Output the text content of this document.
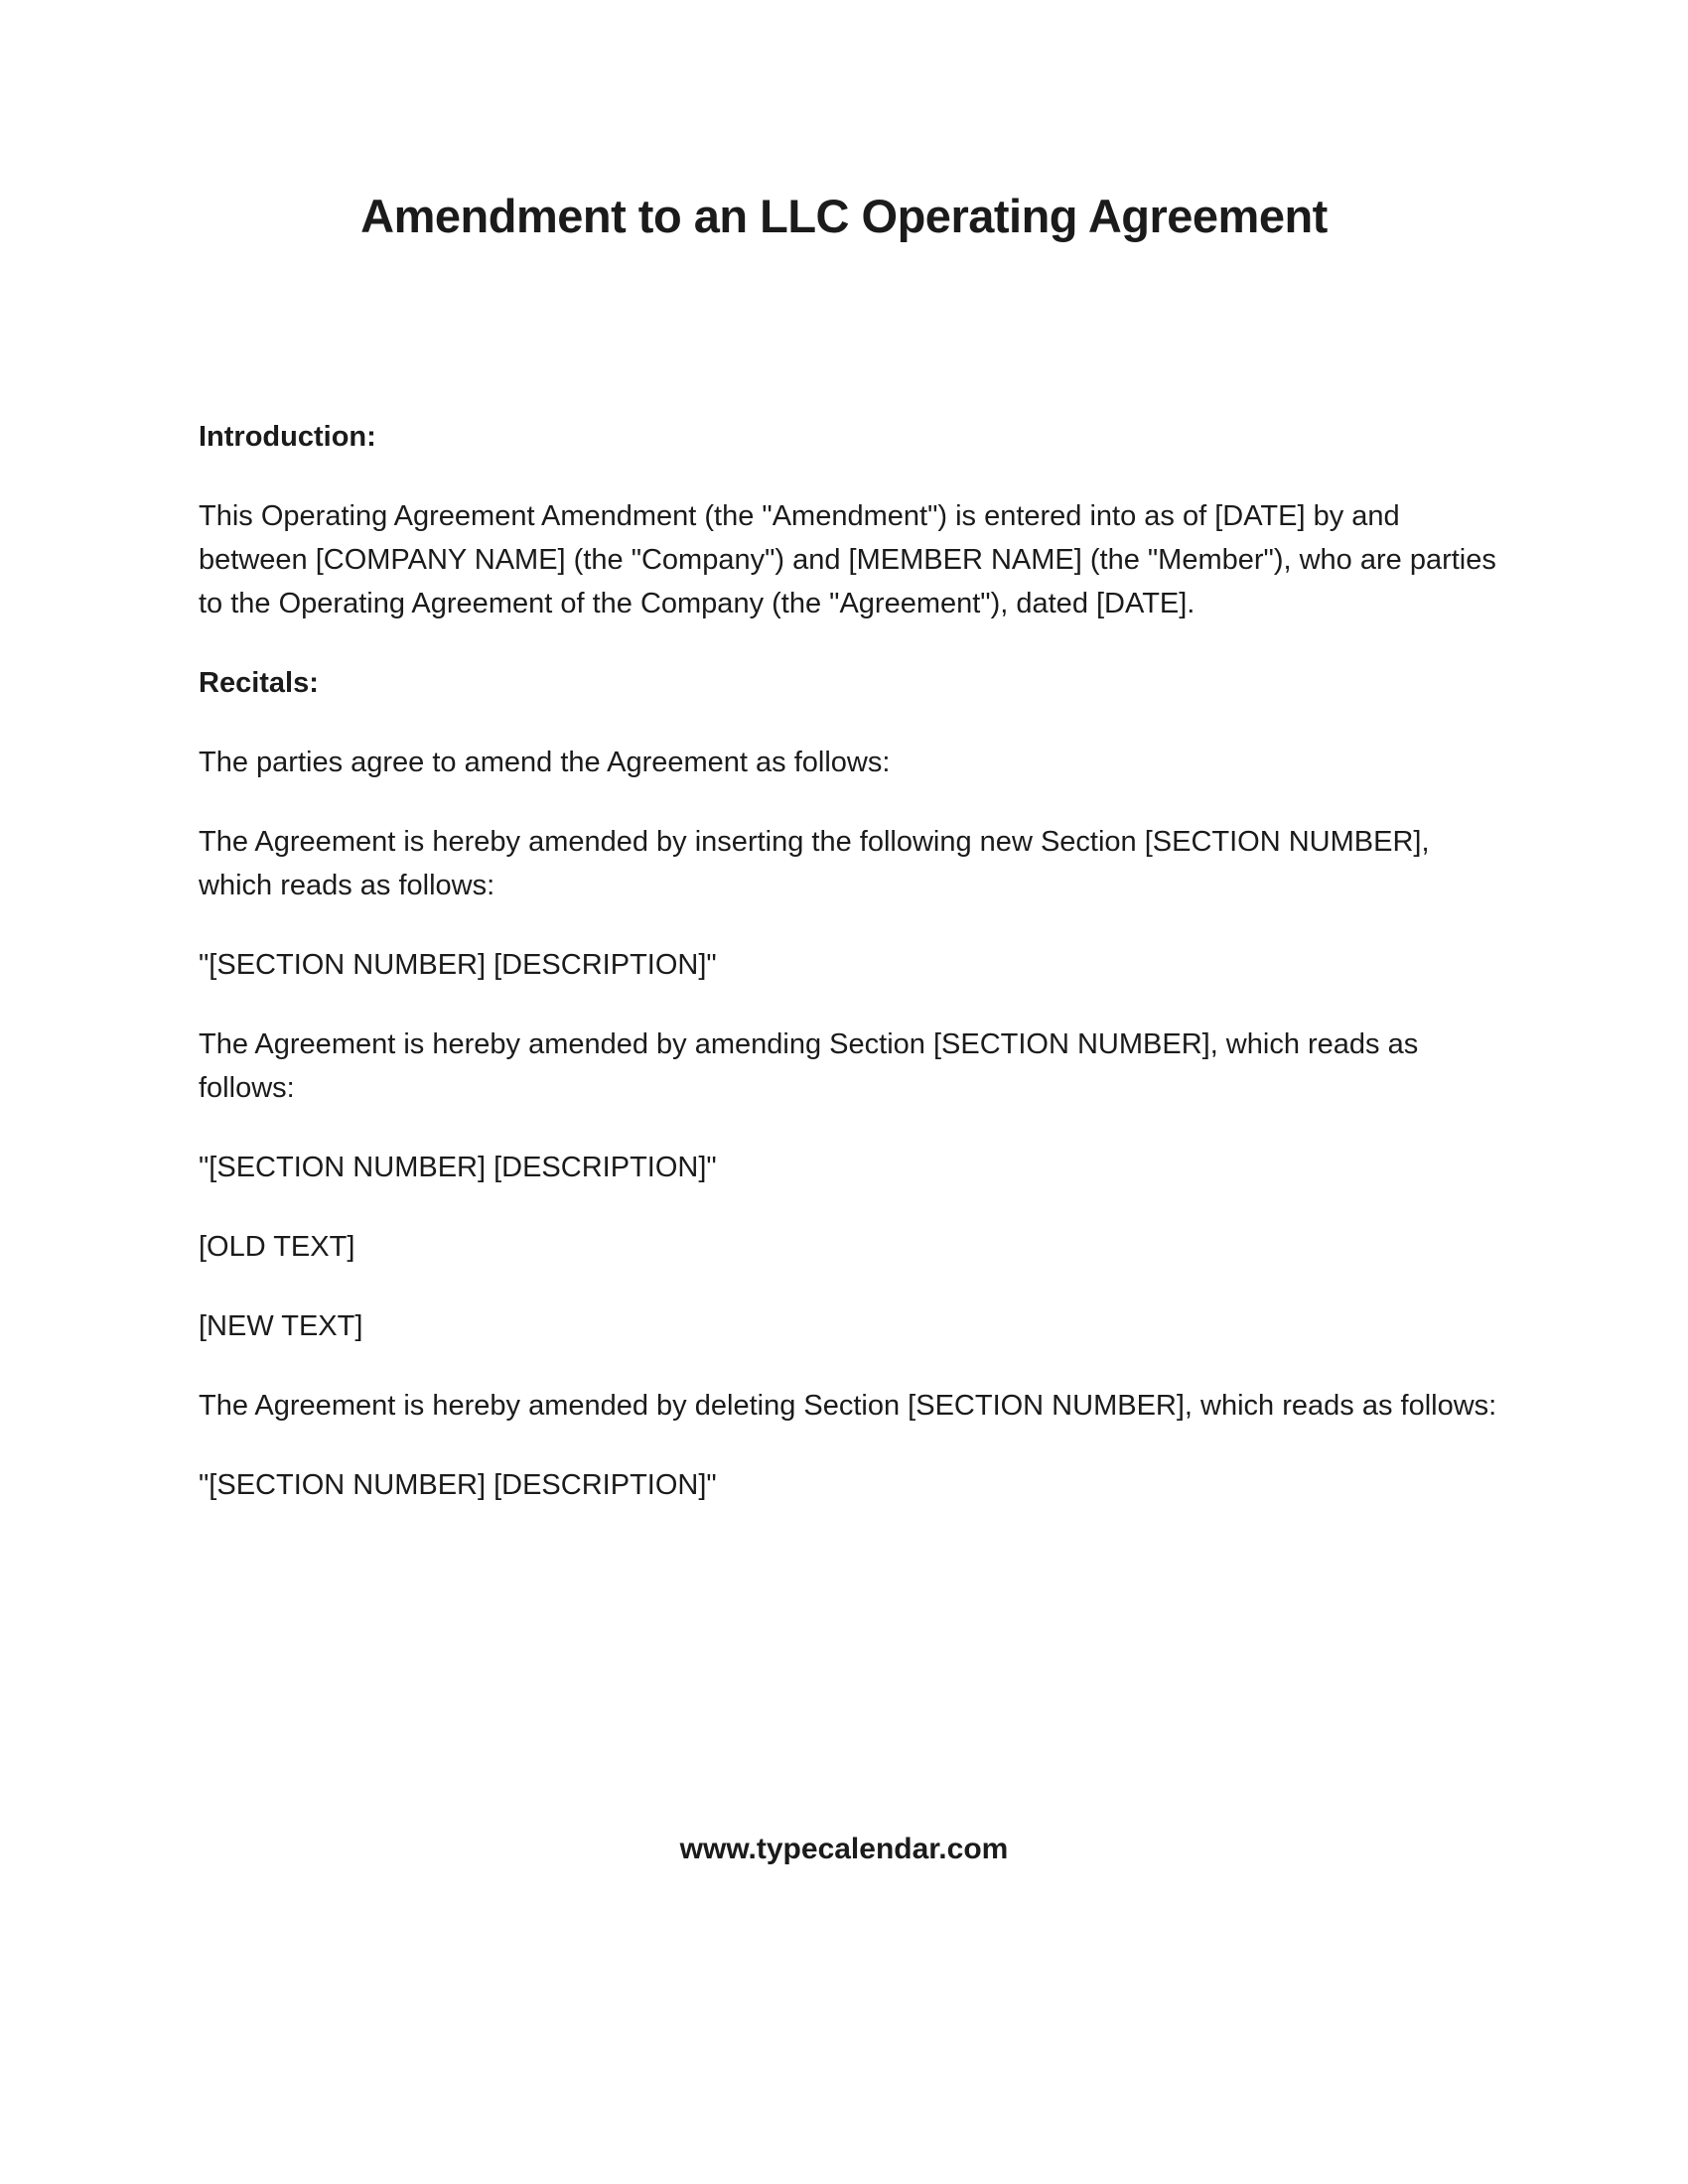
Amendment to an LLC Operating Agreement
Introduction:
This Operating Agreement Amendment (the "Amendment") is entered into as of [DATE] by and between [COMPANY NAME] (the "Company") and [MEMBER NAME] (the "Member"), who are parties to the Operating Agreement of the Company (the "Agreement"), dated [DATE].
Recitals:
The parties agree to amend the Agreement as follows:
The Agreement is hereby amended by inserting the following new Section [SECTION NUMBER], which reads as follows:
"[SECTION NUMBER] [DESCRIPTION]"
The Agreement is hereby amended by amending Section [SECTION NUMBER], which reads as follows:
"[SECTION NUMBER] [DESCRIPTION]"
[OLD TEXT]
[NEW TEXT]
The Agreement is hereby amended by deleting Section [SECTION NUMBER], which reads as follows:
"[SECTION NUMBER] [DESCRIPTION]"
www.typecalendar.com
